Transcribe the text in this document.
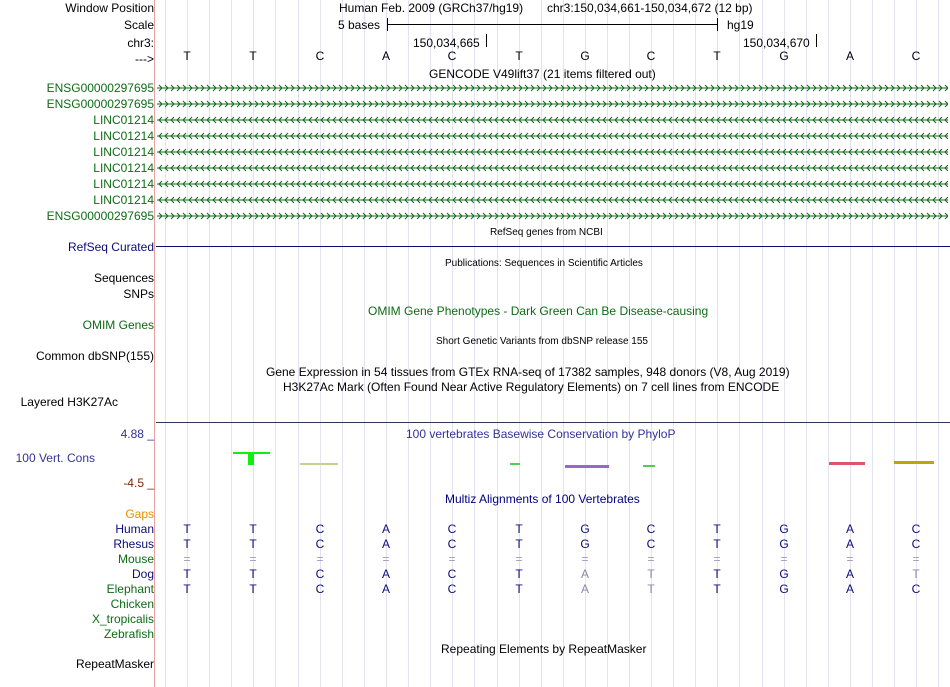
Window Position
Scale
chr3:
--->
Human Feb. 2009 (GRCh37/hg19) chr3:150,034,661-150,034,672 (12 bp)
5 bases	hg19
150,034,665	150,034,670
T	T	C	A	C	T	G	C	T	G	A	C
GENCODE V49lift37 (21 items filtered out)
ENSG00000297695
ENSG00000297695
LINC01214
LINC01214
LINC01214
LINC01214
LINC01214
LINC01214
ENSG00000297695
RefSeq genes from NCBI
RefSeq Curated
Publications: Sequences in Scientific Articles
Sequences
SNPs
OMIM Gene Phenotypes - Dark Green Can Be Disease-causing
OMIM Genes
Short Genetic Variants from dbSNP release 155
Common dbSNP(155)
Gene Expression in 54 tissues from GTEx RNA-seq of 17382 samples, 948 donors (V8, Aug 2019)
H3K27Ac Mark (Often Found Near Active Regulatory Elements) on 7 cell lines from ENCODE
Layered H3K27Ac
100 vertebrates Basewise Conservation by PhyloP
4.88 _
100 Vert. Cons
-4.5 _
Multiz Alignments of 100 Vertebrates
Gaps
Human	T	T	C	A	C	T	G	C	T	G	A	C
Rhesus	T	T	C	A	C	T	G	C	T	G	A	C
Mouse	=	=	=	=	=	=	=	=	=	=	=	=
Dog	T	T	C	A	C	T	A	T	T	G	A	T
Elephant	T	T	C	A	C	T	A	T	T	G	A	C
Chicken
X_tropicalis
Zebrafish
Repeating Elements by RepeatMasker
RepeatMasker
